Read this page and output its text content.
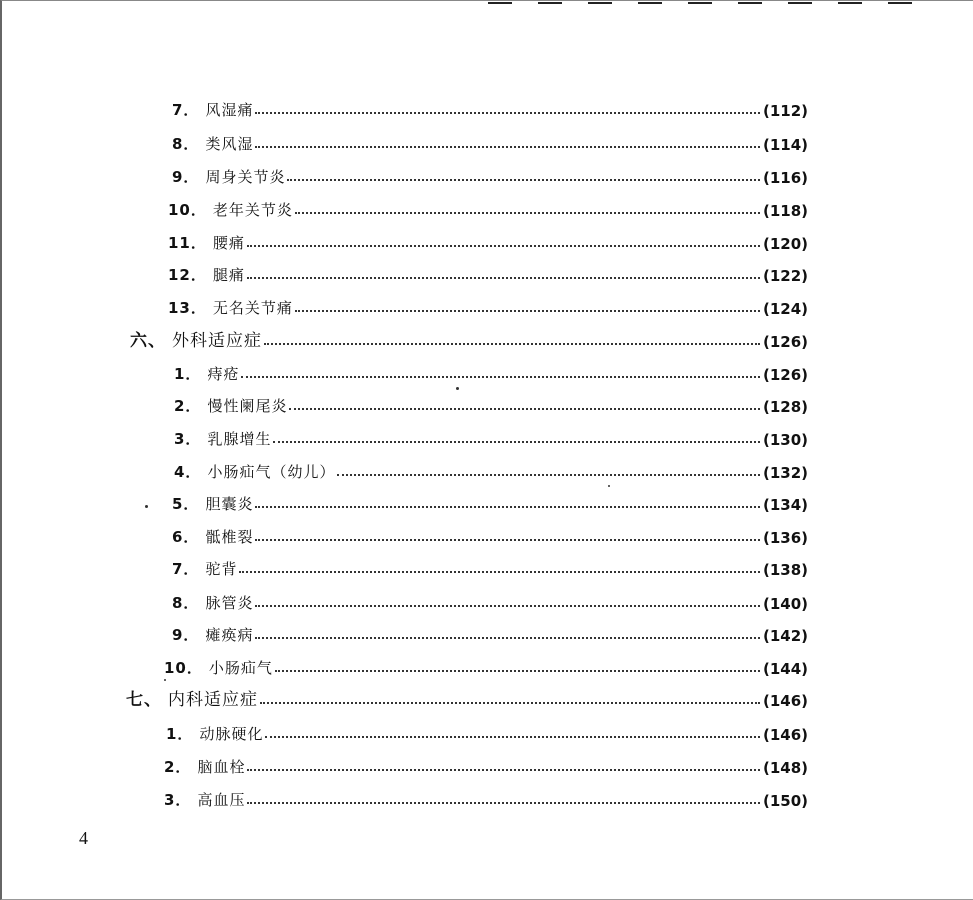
7． 风湿痛	(112)
8． 类风湿	(114)
9． 周身关节炎	(116)
10． 老年关节炎	(118)
11． 腰痛	(120)
12． 腿痛	(122)
13． 无名关节痛	(124)
六、 外科适应症	(126)
1． 痔疮	(126)
2． 慢性阑尾炎	(128)
3． 乳腺增生	(130)
4． 小肠疝气（幼儿）	(132)
5． 胆囊炎	(134)
6． 骶椎裂	(136)
7． 驼背	(138)
8． 脉管炎	(140)
9． 瘫痪病	(142)
10． 小肠疝气	(144)
七、 内科适应症	(146)
1． 动脉硬化	(146)
2． 脑血栓	(148)
3． 高血压	(150)
4
